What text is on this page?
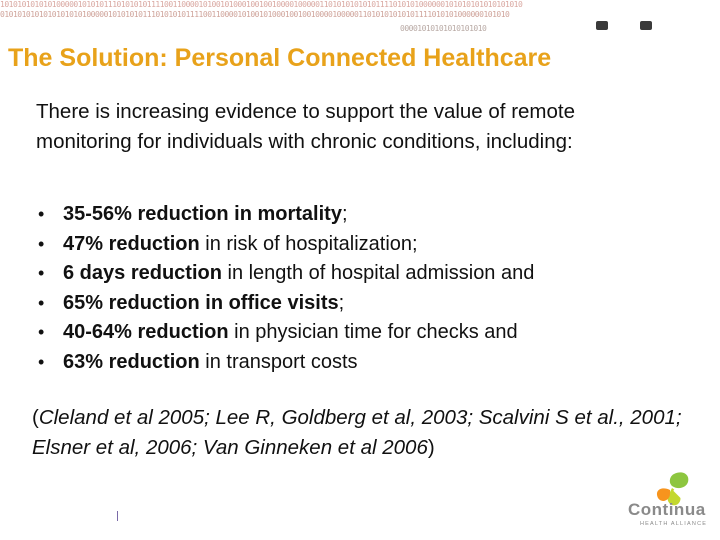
1010101010101000001010101110101010111100110000101001010001001001000010000011010101010101111010101000000101010101010101010
0101010101010101010100000101010101110101010111100110000101001010001001001000010000011010101010101111010101000000101010
00001010101010101010
The Solution: Personal Connected Healthcare

There is increasing evidence to support the value of remote monitoring for individuals with chronic conditions, including:

• 35-56% reduction in mortality;
• 47% reduction in risk of hospitalization;
• 6 days reduction in length of hospital admission and
• 65% reduction in office visits;
• 40-64% reduction in physician time for checks and
• 63% reduction in transport costs

(Cleland et al 2005; Lee R, Goldberg et al, 2003; Scalvini S et al., 2001; Elsner et al, 2006; Van Ginneken et al 2006)

Continua
HEALTH ALLIANCE
